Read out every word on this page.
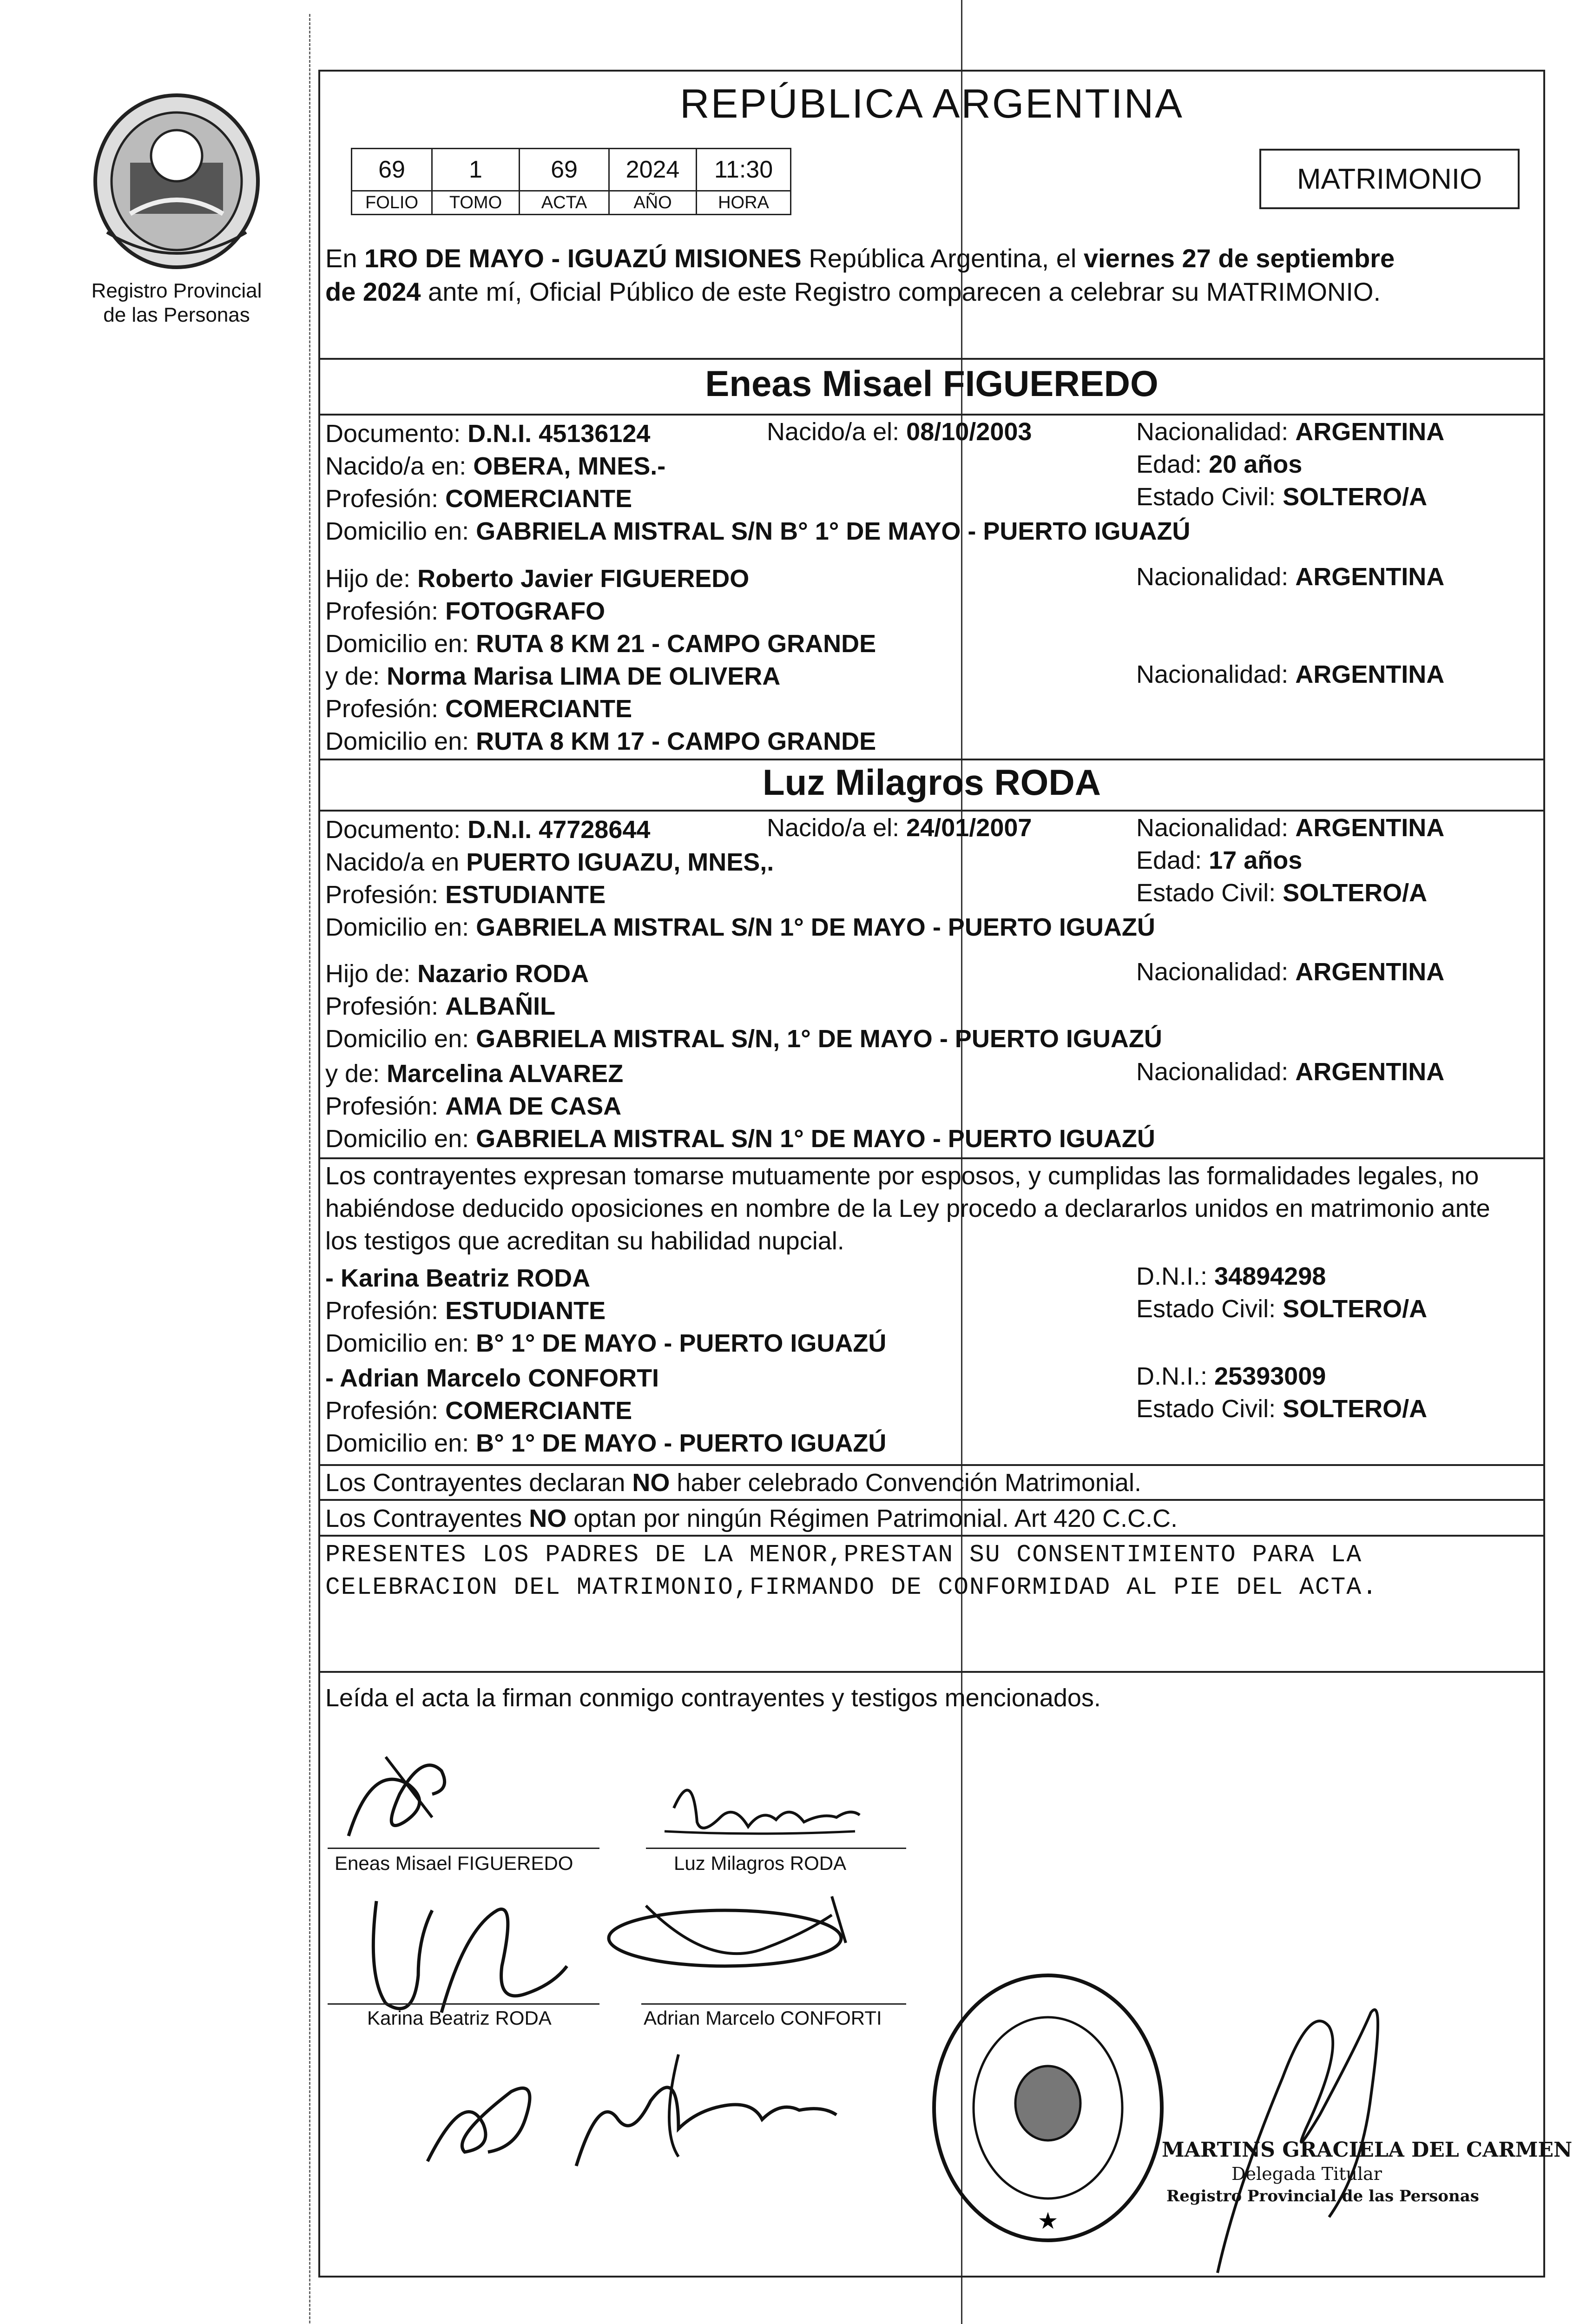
Registro Provincial
de las Personas
REPÚBLICA ARGENTINA
69	1	69	2024	11:30
FOLIO	TOMO	ACTA	AÑO	HORA
MATRIMONIO
En 1RO DE MAYO - IGUAZÚ MISIONES República Argentina, el viernes 27 de septiembre
de 2024 ante mí, Oficial Público de este Registro comparecen a celebrar su MATRIMONIO.
Eneas Misael FIGUEREDO
Documento: D.N.I. 45136124	Nacido/a el: 08/10/2003	Nacionalidad: ARGENTINA
Nacido/a en: OBERA, MNES.-	Edad: 20 años
Profesión: COMERCIANTE	Estado Civil: SOLTERO/A
Domicilio en: GABRIELA MISTRAL S/N B° 1° DE MAYO - PUERTO IGUAZÚ
Hijo de: Roberto Javier FIGUEREDO	Nacionalidad: ARGENTINA
Profesión: FOTOGRAFO
Domicilio en: RUTA 8 KM 21 - CAMPO GRANDE
y de: Norma Marisa LIMA DE OLIVERA	Nacionalidad: ARGENTINA
Profesión: COMERCIANTE
Domicilio en: RUTA 8 KM 17 - CAMPO GRANDE
Luz Milagros RODA
Documento: D.N.I. 47728644	Nacido/a el: 24/01/2007	Nacionalidad: ARGENTINA
Nacido/a en PUERTO IGUAZU, MNES,.	Edad: 17 años
Profesión: ESTUDIANTE	Estado Civil: SOLTERO/A
Domicilio en: GABRIELA MISTRAL S/N 1° DE MAYO - PUERTO IGUAZÚ
Hijo de: Nazario RODA	Nacionalidad: ARGENTINA
Profesión: ALBAÑIL
Domicilio en: GABRIELA MISTRAL S/N, 1° DE MAYO - PUERTO IGUAZÚ
y de: Marcelina ALVAREZ	Nacionalidad: ARGENTINA
Profesión: AMA DE CASA
Domicilio en: GABRIELA MISTRAL S/N 1° DE MAYO - PUERTO IGUAZÚ
Los contrayentes expresan tomarse mutuamente por esposos, y cumplidas las formalidades legales, no
habiéndose deducido oposiciones en nombre de la Ley procedo a declararlos unidos en matrimonio ante
los testigos que acreditan su habilidad nupcial.
- Karina Beatriz RODA	D.N.I.: 34894298
Profesión: ESTUDIANTE	Estado Civil: SOLTERO/A
Domicilio en: B° 1° DE MAYO - PUERTO IGUAZÚ
- Adrian Marcelo CONFORTI	D.N.I.: 25393009
Profesión: COMERCIANTE	Estado Civil: SOLTERO/A
Domicilio en: B° 1° DE MAYO - PUERTO IGUAZÚ
Los Contrayentes declaran NO haber celebrado Convención Matrimonial.
Los Contrayentes NO optan por ningún Régimen Patrimonial. Art 420 C.C.C.
PRESENTES LOS PADRES DE LA MENOR,PRESTAN SU CONSENTIMIENTO PARA LA
CELEBRACION DEL MATRIMONIO,FIRMANDO DE CONFORMIDAD AL PIE DEL ACTA.
Leída el acta la firman conmigo contrayentes y testigos mencionados.
Eneas Misael FIGUEREDO	Luz Milagros RODA
Karina Beatriz RODA	Adrian Marcelo CONFORTI
★
MARTINS GRACIELA DEL CARMEN
Delegada Titular
Registro Provincial de las Personas
